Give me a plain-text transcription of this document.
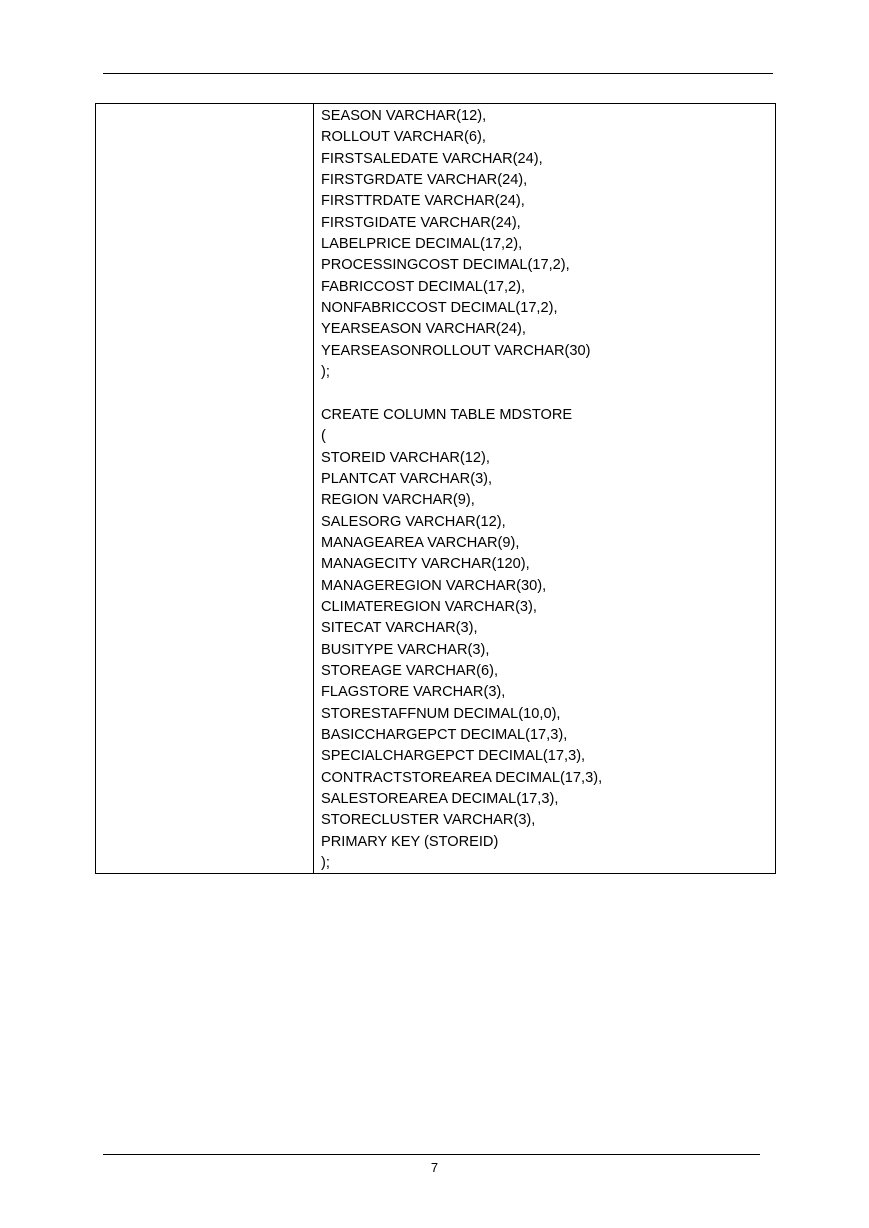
SEASON VARCHAR(12),
ROLLOUT VARCHAR(6),
FIRSTSALEDATE VARCHAR(24),
FIRSTGRDATE VARCHAR(24),
FIRSTTRDATE VARCHAR(24),
FIRSTGIDATE VARCHAR(24),
LABELPRICE DECIMAL(17,2),
PROCESSINGCOST DECIMAL(17,2),
FABRICCOST DECIMAL(17,2),
NONFABRICCOST DECIMAL(17,2),
YEARSEASON VARCHAR(24),
YEARSEASONROLLOUT VARCHAR(30)
);
CREATE COLUMN TABLE MDSTORE
(
STOREID VARCHAR(12),
PLANTCAT VARCHAR(3),
REGION VARCHAR(9),
SALESORG VARCHAR(12),
MANAGEAREA VARCHAR(9),
MANAGECITY VARCHAR(120),
MANAGEREGION VARCHAR(30),
CLIMATEREGION VARCHAR(3),
SITECAT VARCHAR(3),
BUSITYPE VARCHAR(3),
STOREAGE VARCHAR(6),
FLAGSTORE VARCHAR(3),
STORESTAFFNUM DECIMAL(10,0),
BASICCHARGEPCT DECIMAL(17,3),
SPECIALCHARGEPCT DECIMAL(17,3),
CONTRACTSTOREAREA DECIMAL(17,3),
SALESTOREAREA DECIMAL(17,3),
STORECLUSTER VARCHAR(3),
PRIMARY KEY (STOREID)
);
7
